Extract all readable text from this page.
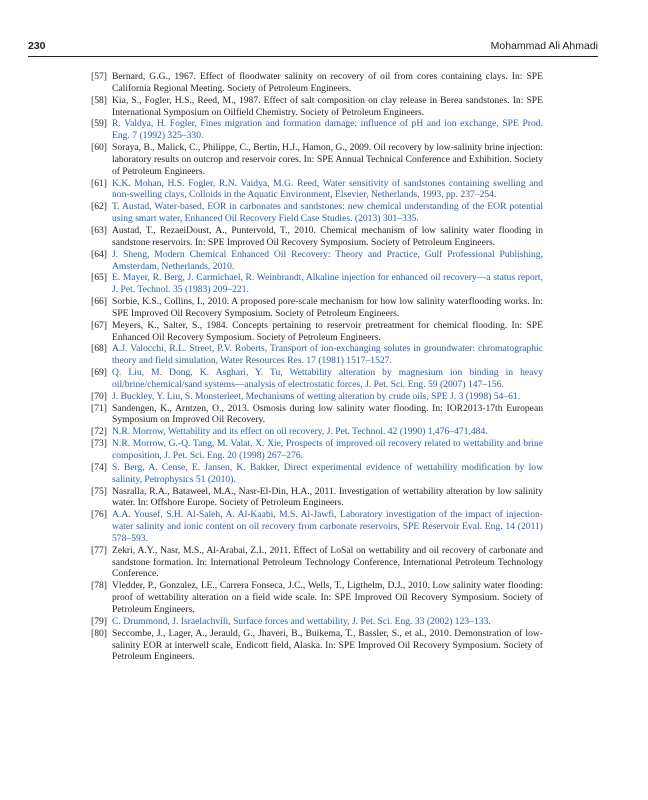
230	Mohammad Ali Ahmadi
[57] Bernard, G.G., 1967. Effect of floodwater salinity on recovery of oil from cores containing clays. In: SPE California Regional Meeting. Society of Petroleum Engineers.
[58] Kia, S., Fogler, H.S., Reed, M., 1987. Effect of salt composition on clay release in Berea sandstones. In: SPE International Symposium on Oilfield Chemistry. Society of Petroleum Engineers.
[59] R. Valdya, H. Fogler, Fines migration and formation damage: influence of pH and ion exchange, SPE Prod. Eng. 7 (1992) 325–330.
[60] Soraya, B., Malick, C., Philippe, C., Bertin, H.J., Hamon, G., 2009. Oil recovery by low-salinity brine injection: laboratory results on outcrop and reservoir cores. In: SPE Annual Technical Conference and Exhibition. Society of Petroleum Engineers.
[61] K.K. Mohan, H.S. Fogler, R.N. Vaidya, M.G. Reed, Water sensitivity of sandstones containing swelling and non-swelling clays, Colloids in the Aquatic Environment, Elsevier, Netherlands, 1993, pp. 237–254.
[62] T. Austad, Water-based, EOR in carbonates and sandstones: new chemical understanding of the EOR potential using smart water, Enhanced Oil Recovery Field Case Studies. (2013) 301–335.
[63] Austad, T., RezaeiDoust, A., Puntervold, T., 2010. Chemical mechanism of low salinity water flooding in sandstone reservoirs. In: SPE Improved Oil Recovery Symposium. Society of Petroleum Engineers.
[64] J. Sheng, Modern Chemical Enhanced Oil Recovery: Theory and Practice, Gulf Professional Publishing, Amsterdam, Netherlands, 2010.
[65] E. Mayer, R. Berg, J. Carmichael, R. Weinbrandt, Alkaline injection for enhanced oil recovery—a status report, J. Pet. Technol. 35 (1983) 209–221.
[66] Sorbie, K.S., Collins, I., 2010. A proposed pore-scale mechanism for how low salinity waterflooding works. In: SPE Improved Oil Recovery Symposium. Society of Petroleum Engineers.
[67] Meyers, K., Salter, S., 1984. Concepts pertaining to reservoir pretreatment for chemical flooding. In: SPE Enhanced Oil Recovery Symposium. Society of Petroleum Engineers.
[68] A.J. Valocchi, R.L. Street, P.V. Roberts, Transport of ion-exchanging solutes in groundwater: chromatographic theory and field simulation, Water Resources Res. 17 (1981) 1517–1527.
[69] Q. Liu, M. Dong, K. Asghari, Y. Tu, Wettability alteration by magnesium ion binding in heavy oil/brine/chemical/sand systems—analysis of electrostatic forces, J. Pet. Sci. Eng. 59 (2007) 147–156.
[70] J. Buckley, Y. Liu, S. Monsterleet, Mechanisms of wetting alteration by crude oils, SPE J. 3 (1998) 54–61.
[71] Sandengen, K., Arntzen, O., 2013. Osmosis during low salinity water flooding. In: IOR2013-17th European Symposium on Improved Oil Recovery.
[72] N.R. Morrow, Wettability and its effect on oil recovery, J. Pet. Technol. 42 (1990) 1,476–471,484.
[73] N.R. Morrow, G.-Q. Tang, M. Valat, X. Xie, Prospects of improved oil recovery related to wettability and brine composition, J. Pet. Sci. Eng. 20 (1998) 267–276.
[74] S. Berg, A. Cense, E. Jansen, K. Bakker, Direct experimental evidence of wettability modification by low salinity, Petrophysics 51 (2010).
[75] Nasralla, R.A., Bataweel, M.A., Nasr-El-Din, H.A., 2011. Investigation of wettability alteration by low salinity water. In: Offshore Europe. Society of Petroleum Engineers.
[76] A.A. Yousef, S.H. Al-Saleh, A. Al-Kaabi, M.S. Al-Jawfi, Laboratory investigation of the impact of injection-water salinity and ionic content on oil recovery from carbonate reservoirs, SPE Reservoir Eval. Eng. 14 (2011) 578–593.
[77] Zekri, A.Y., Nasr, M.S., Al-Arabai, Z.I., 2011. Effect of LoSal on wettability and oil recovery of carbonate and sandstone formation. In: International Petroleum Technology Conference, International Petroleum Technology Conference.
[78] Vledder, P., Gonzalez, I.E., Carrera Fonseca, J.C., Wells, T., Ligthelm, D.J., 2010. Low salinity water flooding: proof of wettability alteration on a field wide scale. In: SPE Improved Oil Recovery Symposium. Society of Petroleum Engineers.
[79] C. Drummond, J. Israelachvili, Surface forces and wettability, J. Pet. Sci. Eng. 33 (2002) 123–133.
[80] Seccombe, J., Lager, A., Jerauld, G., Jhaveri, B., Buikema, T., Bassler, S., et al., 2010. Demonstration of low-salinity EOR at interwell scale, Endicott field, Alaska. In: SPE Improved Oil Recovery Symposium. Society of Petroleum Engineers.
